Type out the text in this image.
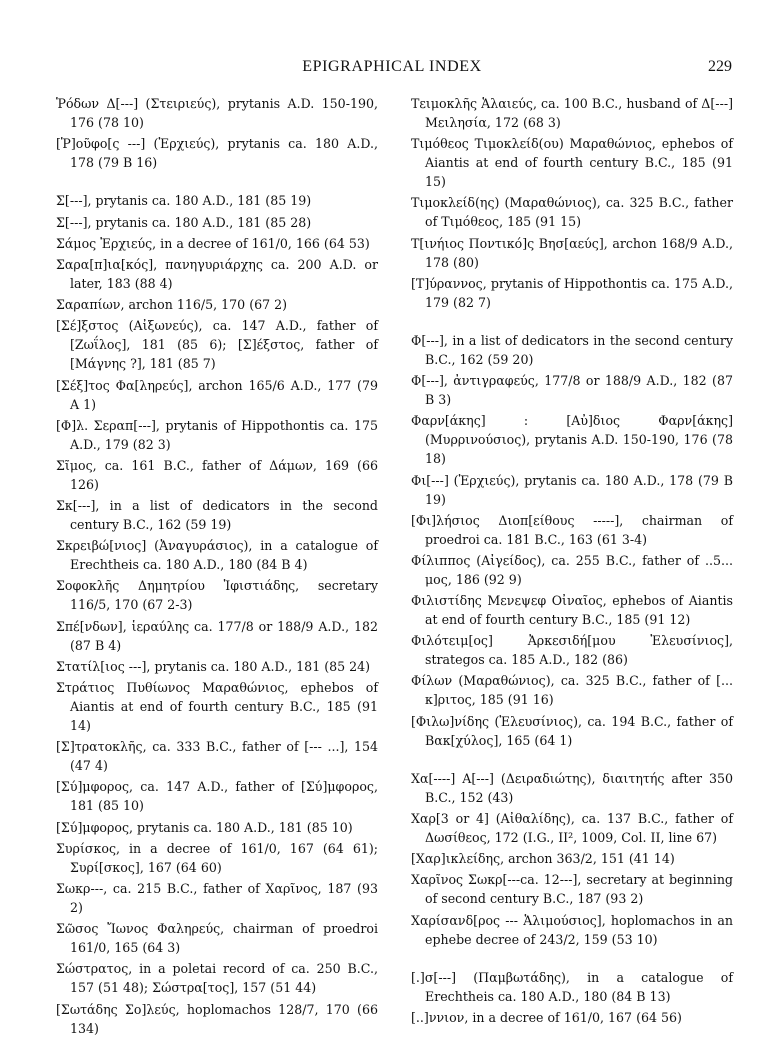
EPIGRAPHICAL INDEX	229
Ῥόδων Δ[---] (Στειριεύς), prytanis A.D. 150-190, 176 (78 10)
[Ῥ]οῦφο[ς ---] (Ἐρχιεύς), prytanis ca. 180 A.D., 178 (79 B 16)
Σ[---], prytanis ca. 180 A.D., 181 (85 19)
Σ[---], prytanis ca. 180 A.D., 181 (85 28)
Σάμος Ἐρχιεύς, in a decree of 161/0, 166 (64 53)
Σαρα[π]ια[κός], πανηγυριάρχης ca. 200 A.D. or later, 183 (88 4)
Σαραπίων, archon 116/5, 170 (67 2)
[Σέ]ξστος (Αἰξωνεύς), ca. 147 A.D., father of [Ζωΐλος], 181 (85 6); [Σ]έξστος, father of [Μάγνης ?], 181 (85 7)
[Σέξ]τος Φα[ληρεύς], archon 165/6 A.D., 177 (79 A 1)
[Φ]λ. Σεραπ[---], prytanis of Hippothontis ca. 175 A.D., 179 (82 3)
Σῖμος, ca. 161 B.C., father of Δάμων, 169 (66 126)
Σκ[---], in a list of dedicators in the second century B.C., 162 (59 19)
Σκρειβώ[νιος] (Ἀναγυράσιος), in a catalogue of Erechtheis ca. 180 A.D., 180 (84 B 4)
Σοφοκλῆς Δημητρίου Ἰφιστιάδης, secretary 116/5, 170 (67 2-3)
Σπέ[νδων], ἱεραύλης ca. 177/8 or 188/9 A.D., 182 (87 B 4)
Στατίλ[ιος ---], prytanis ca. 180 A.D., 181 (85 24)
Στράτιος Πυθίωνος Μαραθώνιος, ephebos of Aiantis at end of fourth century B.C., 185 (91 14)
[Σ]τρατοκλῆς, ca. 333 B.C., father of [--- ...], 154 (47 4)
[Σύ]μφορος, ca. 147 A.D., father of [Σύ]μφορος, 181 (85 10)
[Σύ]μφορος, prytanis ca. 180 A.D., 181 (85 10)
Συρίσκος, in a decree of 161/0, 167 (64 61); Συρί[σκος], 167 (64 60)
Σωκρ---, ca. 215 B.C., father of Χαρῖνος, 187 (93 2)
Σῶσος Ἴωνος Φαληρεύς, chairman of proedroi 161/0, 165 (64 3)
Σώστρατος, in a poletai record of ca. 250 B.C., 157 (51 48); Σώστρα[τος], 157 (51 44)
[Σωτάδης Σο]λεύς, hoplomachos 128/7, 170 (66 134)
Τειμοκλῆς Ἁλαιεύς, ca. 100 B.C., husband of Δ[---] Μειλησία, 172 (68 3)
Τιμόθεος Τιμοκλείδ(ου) Μαραθώνιος, ephebos of Aiantis at end of fourth century B.C., 185 (91 15)
Τιμοκλείδ(ης) (Μαραθώνιος), ca. 325 B.C., father of Τιμόθεος, 185 (91 15)
Τ[ινήιος Ποντικό]ς Βησ[αεύς], archon 168/9 A.D., 178 (80)
[Τ]ύραννος, prytanis of Hippothontis ca. 175 A.D., 179 (82 7)
Φ[---], in a list of dedicators in the second century B.C., 162 (59 20)
Φ[---], ἀντιγραφεύς, 177/8 or 188/9 A.D., 182 (87 B 3)
Φαρν[άκης] : [Αὐ]διος Φαρν[άκης] (Μυρρινούσιος), prytanis A.D. 150-190, 176 (78 18)
Φι[---] (Ἐρχιεύς), prytanis ca. 180 A.D., 178 (79 B 19)
[Φι]λήσιος Διοπ[είθους -----], chairman of proedroi ca. 181 B.C., 163 (61 3-4)
Φίλιππος (Αἰγείδος), ca. 255 B.C., father of ..5... μος, 186 (92 9)
Φιλιστίδης Μενεψεφ Οἰναῖος, ephebos of Aiantis at end of fourth century B.C., 185 (91 12)
Φιλότειμ[ος] Ἀρκεσιδή[μου Ἐλευσίνιος], strategos ca. 185 A.D., 182 (86)
Φίλων (Μαραθώνιος), ca. 325 B.C., father of [... κ]ριτος, 185 (91 16)
[Φιλω]νίδης (Ἐλευσίνιος), ca. 194 B.C., father of Βακ[χύλος], 165 (64 1)
Χα[----] Α[---] (Δειραδιώτης), διαιτητής after 350 B.C., 152 (43)
Χαρ[3 or 4] (Αἰθαλίδης), ca. 137 B.C., father of Δωσίθεος, 172 (I.G., II², 1009, Col. II, line 67)
[Χαρ]ικλείδης, archon 363/2, 151 (41 14)
Χαρῖνος Σωκρ[---ca. 12---], secretary at beginning of second century B.C., 187 (93 2)
Χαρίσανδ[ρος --- Ἁλιμούσιος], hoplomachos in an ephebe decree of 243/2, 159 (53 10)
[.]σ[---] (Παμβωτάδης), in a catalogue of Erechtheis ca. 180 A.D., 180 (84 B 13)
[..]ννιον, in a decree of 161/0, 167 (64 56)
